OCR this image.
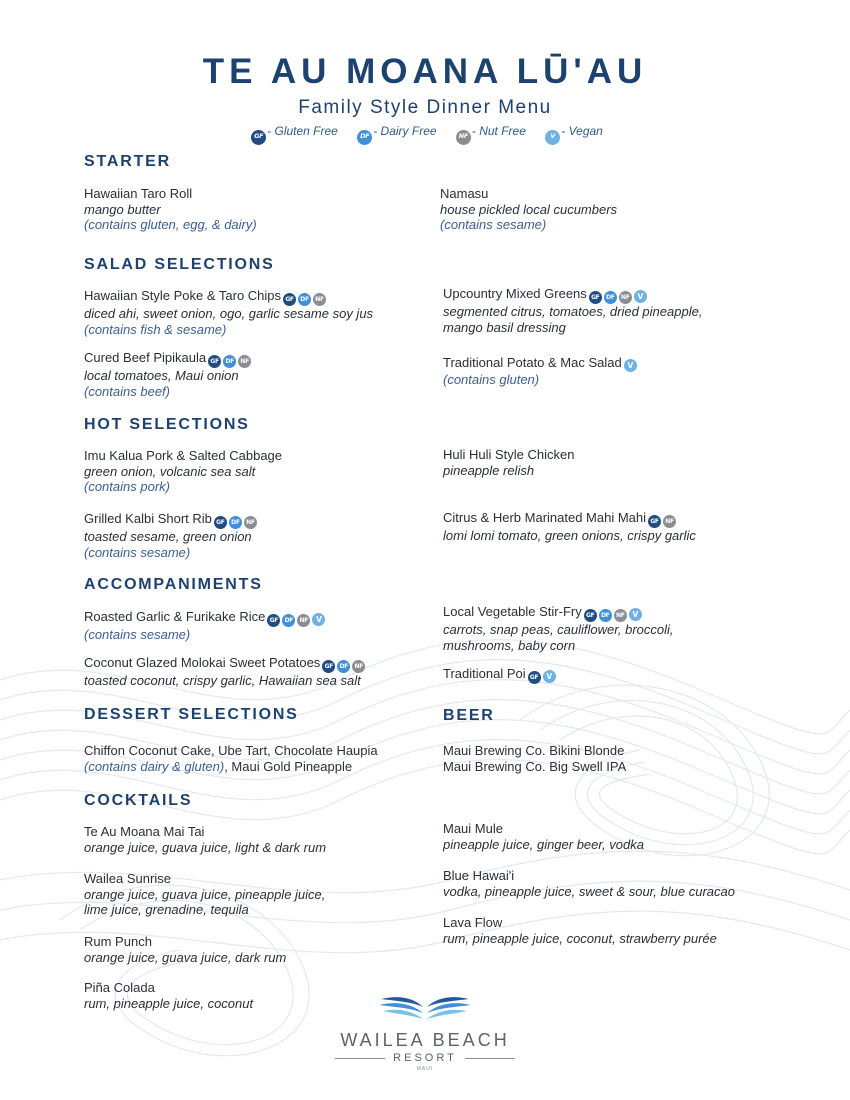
TE AU MOANA LŪ'AU
Family Style Dinner Menu
GF - Gluten Free	DF - Dairy Free	NF - Nut Free	V - Vegan
STARTER
Hawaiian Taro Roll
mango butter
(contains gluten, egg, & dairy)
Namasu
house pickled local cucumbers
(contains sesame)
SALAD SELECTIONS
Hawaiian Style Poke & Taro Chips GF DF NF
diced ahi, sweet onion, ogo, garlic sesame soy jus
(contains fish & sesame)
Cured Beef Pipikaula GF DF NF
local tomatoes, Maui onion
(contains beef)
Upcountry Mixed Greens GF DF NF V
segmented citrus, tomatoes, dried pineapple,
mango basil dressing
Traditional Potato & Mac Salad V
(contains gluten)
HOT SELECTIONS
Imu Kalua Pork & Salted Cabbage
green onion, volcanic sea salt
(contains pork)
Grilled Kalbi Short Rib GF DF NF
toasted sesame, green onion
(contains sesame)
Huli Huli Style Chicken
pineapple relish
Citrus & Herb Marinated Mahi Mahi GF NF
lomi lomi tomato, green onions, crispy garlic
ACCOMPANIMENTS
Roasted Garlic & Furikake Rice GF DF NF V
(contains sesame)
Coconut Glazed Molokai Sweet Potatoes GF DF NF
toasted coconut, crispy garlic, Hawaiian sea salt
Local Vegetable Stir-Fry GF DF NF V
carrots, snap peas, cauliflower, broccoli,
mushrooms, baby corn
Traditional Poi GF V
DESSERT SELECTIONS	BEER
Chiffon Coconut Cake, Ube Tart, Chocolate Haupia
(contains dairy & gluten), Maui Gold Pineapple
Maui Brewing Co. Bikini Blonde
Maui Brewing Co. Big Swell IPA
COCKTAILS
Te Au Moana Mai Tai
orange juice, guava juice, light & dark rum
Wailea Sunrise
orange juice, guava juice, pineapple juice,
lime juice, grenadine, tequila
Rum Punch
orange juice, guava juice, dark rum
Piña Colada
rum, pineapple juice, coconut
Maui Mule
pineapple juice, ginger beer, vodka
Blue Hawai'i
vodka, pineapple juice, sweet & sour, blue curacao
Lava Flow
rum, pineapple juice, coconut, strawberry purée
WAILEA BEACH
RESORT
MAUI
